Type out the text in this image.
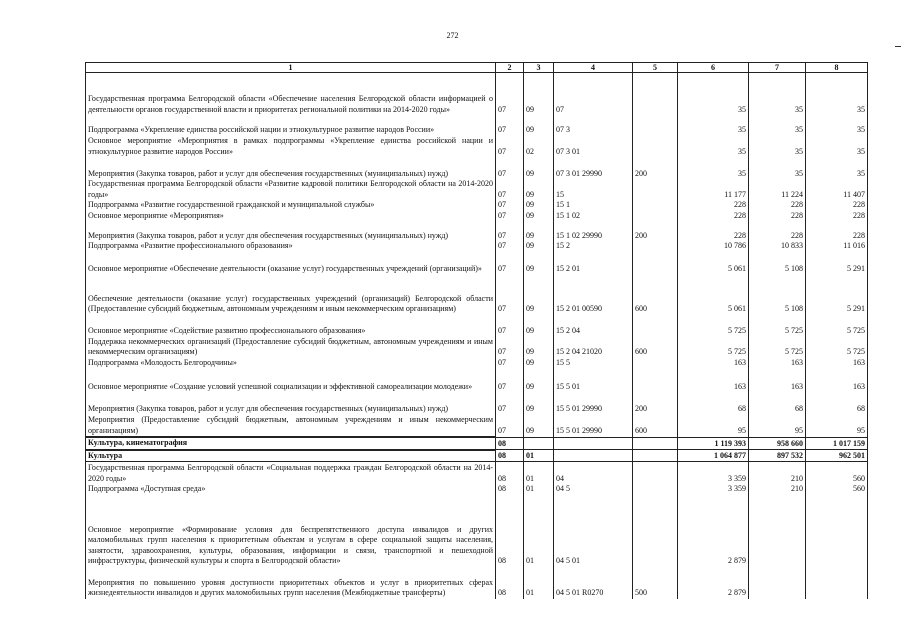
272
1	2	3	4	5	6	7	8
Государственная программа Белгородской области «Обеспечение населения Белгородской области информацией о деятельности органов государственной власти и приоритетах региональной политики на 2014-2020 годы»	07	09	07		35	35	35
Подпрограмма «Укрепление единства российской нации и этнокультурное развитие народов России»	07	09	07 3		35	35	35
Основное мероприятие «Мероприятия в рамках подпрограммы «Укрепление единства российской нации и этнокультурное развитие народов России»	07	02	07 3 01		35	35	35
Мероприятия (Закупка товаров, работ и услуг для обеспечения государственных (муниципальных) нужд)	07	09	07 3 01 29990	200	35	35	35
Государственная программа Белгородской области «Развитие кадровой политики Белгородской области на 2014-2020 годы»	07	09	15		11 177	11 224	11 407
Подпрограмма «Развитие государственной гражданской и муниципальной службы»	07	09	15 1		228	228	228
Основное мероприятие «Мероприятия»	07	09	15 1 02		228	228	228
Мероприятия (Закупка товаров, работ и услуг для обеспечения государственных (муниципальных) нужд)	07	09	15 1 02 29990	200	228	228	228
Подпрограмма «Развитие профессионального образования»	07	09	15 2		10 786	10 833	11 016
Основное мероприятие «Обеспечение деятельности (оказание услуг) государственных учреждений (организаций)»	07	09	15 2 01		5 061	5 108	5 291
Обеспечение деятельности (оказание услуг) государственных учреждений (организаций) Белгородской области (Предоставление субсидий бюджетным, автономным учреждениям и иным некоммерческим организациям)	07	09	15 2 01 00590	600	5 061	5 108	5 291
Основное мероприятие «Содействие развитию профессионального образования»	07	09	15 2 04		5 725	5 725	5 725
Поддержка некоммерческих организаций (Предоставление субсидий бюджетным, автономным учреждениям и иным некоммерческим организациям)	07	09	15 2 04 21020	600	5 725	5 725	5 725
Подпрограмма «Молодость Белгородчины»	07	09	15 5		163	163	163
Основное мероприятие «Создание условий успешной социализации и эффективной самореализации молодежи»	07	09	15 5 01		163	163	163
Мероприятия (Закупка товаров, работ и услуг для обеспечения государственных (муниципальных) нужд)	07	09	15 5 01 29990	200	68	68	68
Мероприятия (Предоставление субсидий бюджетным, автономным учреждениям и иным некоммерческим организациям)	07	09	15 5 01 29990	600	95	95	95
Культура, кинематография	08				1 119 393	958 660	1 017 159
Культура	08	01			1 064 877	897 532	962 501
Государственная программа Белгородской области «Социальная поддержка граждан Белгородской области на 2014-2020 годы»	08	01	04		3 359	210	560
Подпрограмма «Доступная среда»	08	01	04 5		3 359	210	560
Основное мероприятие «Формирование условия для беспрепятственного доступа инвалидов и других маломобильных групп населения к приоритетным объектам и услугам в сфере социальной защиты населения, занятости, здравоохранения, культуры, образования, информации и связи, транспортной и пешеходной инфраструктуры, физической культуры и спорта в Белгородской области»	08	01	04 5 01		2 879		
Мероприятия по повышению уровня доступности приоритетных объектов и услуг в приоритетных сферах жизнедеятельности инвалидов и других маломобильных групп населения (Межбюджетные трансферты)	08	01	04 5 01 R0270	500	2 879		
